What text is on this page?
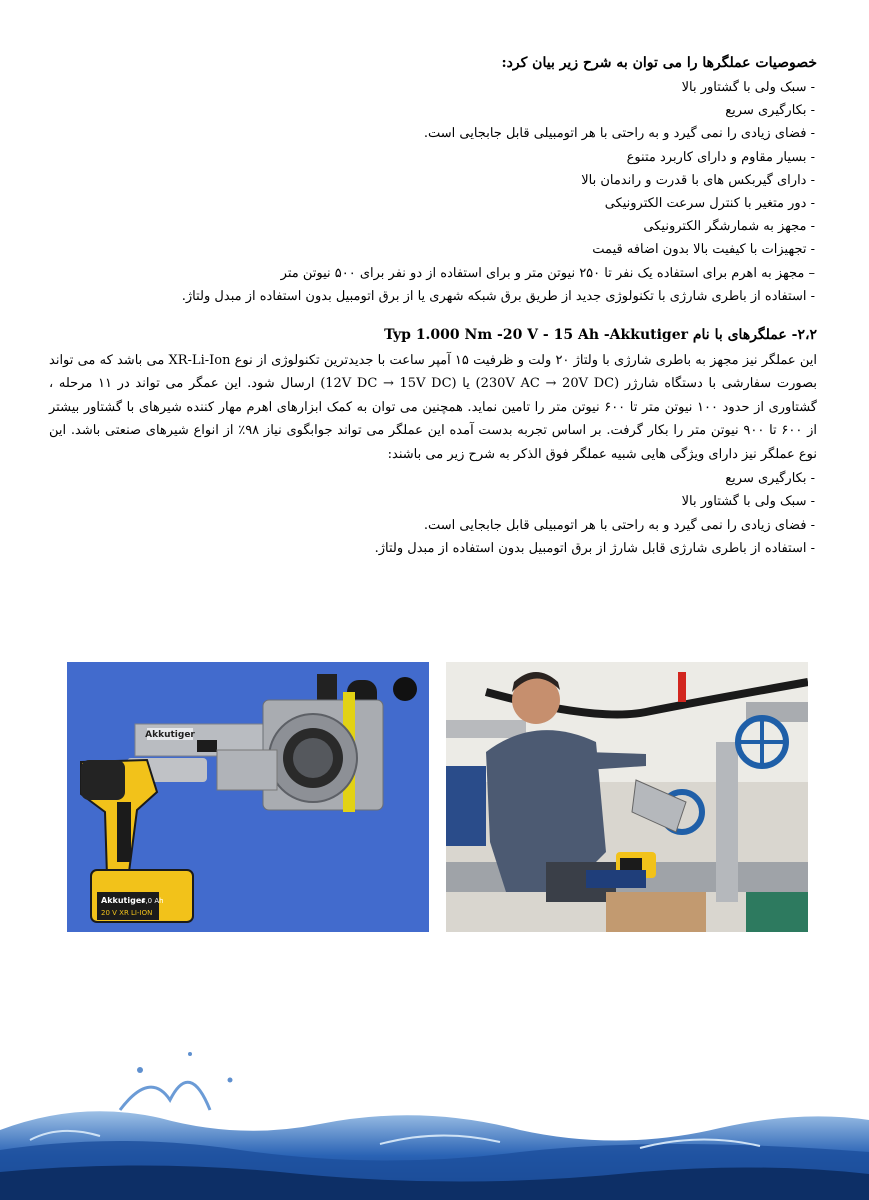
خصوصیات عملگرها را می توان به شرح زیر بیان کرد:
- سبک ولی با گشتاور بالا
- بکارگیری سریع
- فضای زیادی را نمی گیرد و به راحتی با هر اتومبیلی قابل جابجایی است.
- بسیار مقاوم و دارای کاربرد متنوع
- دارای گیربکس های با قدرت و راندمان بالا
- دور متغیر با کنترل سرعت الکترونیکی
- مجهز به شمارشگر الکترونیکی
- تجهیزات با کیفیت بالا بدون اضافه قیمت
– مجهز به اهرم برای استفاده یک نفر تا ۲۵۰ نیوتن متر و برای استفاده از دو نفر برای ۵۰۰ نیوتن متر
- استفاده از باطری شارژی با تکنولوژی جدید از طریق برق شبکه شهری یا از برق اتومبیل بدون استفاده از مبدل ولتاژ.
۲،۲- عملگرهای با نام Typ 1.000 Nm -20 V - 15 Ah -Akkutiger
این عملگر نیز مجهز به باطری شارژی با ولتاژ ۲۰ ولت و ظرفیت ۱۵ آمپر ساعت با جدیدترین تکنولوژی از نوع XR-Li-Ion می باشد که می تواند بصورت سفارشی با دستگاه شارژر (230V AC → 20V DC) یا (12V DC → 15V DC) ارسال شود. این عمگر می تواند در ۱۱ مرحله ، گشتاوری از حدود ۱۰۰ نیوتن متر تا ۶۰۰ نیوتن متر را تامین نماید. همچنین می توان به کمک ابزارهای اهرم مهار کننده شیرهای با گشتاور بیشتر از ۶۰۰ تا ۹۰۰ نیوتن متر را بکار گرفت. بر اساس تجربه بدست آمده این عملگر می تواند جوابگوی نیاز ۹۸٪ از انواع شیرهای صنعتی باشد. این نوع عملگر نیز دارای ویژگی هایی شبیه عملگر فوق الذکر به شرح زیر می باشند:
- بکارگیری سریع
- سبک ولی با گشتاور بالا
- فضای زیادی را نمی گیرد و به راحتی با هر اتومبیلی قابل جابجایی است.
- استفاده از باطری شارژی قابل شارژ از برق اتومبیل بدون استفاده از مبدل ولتاژ.
Akkutiger
Akkutiger
4,0 Ah
20 V XR LI-ION
